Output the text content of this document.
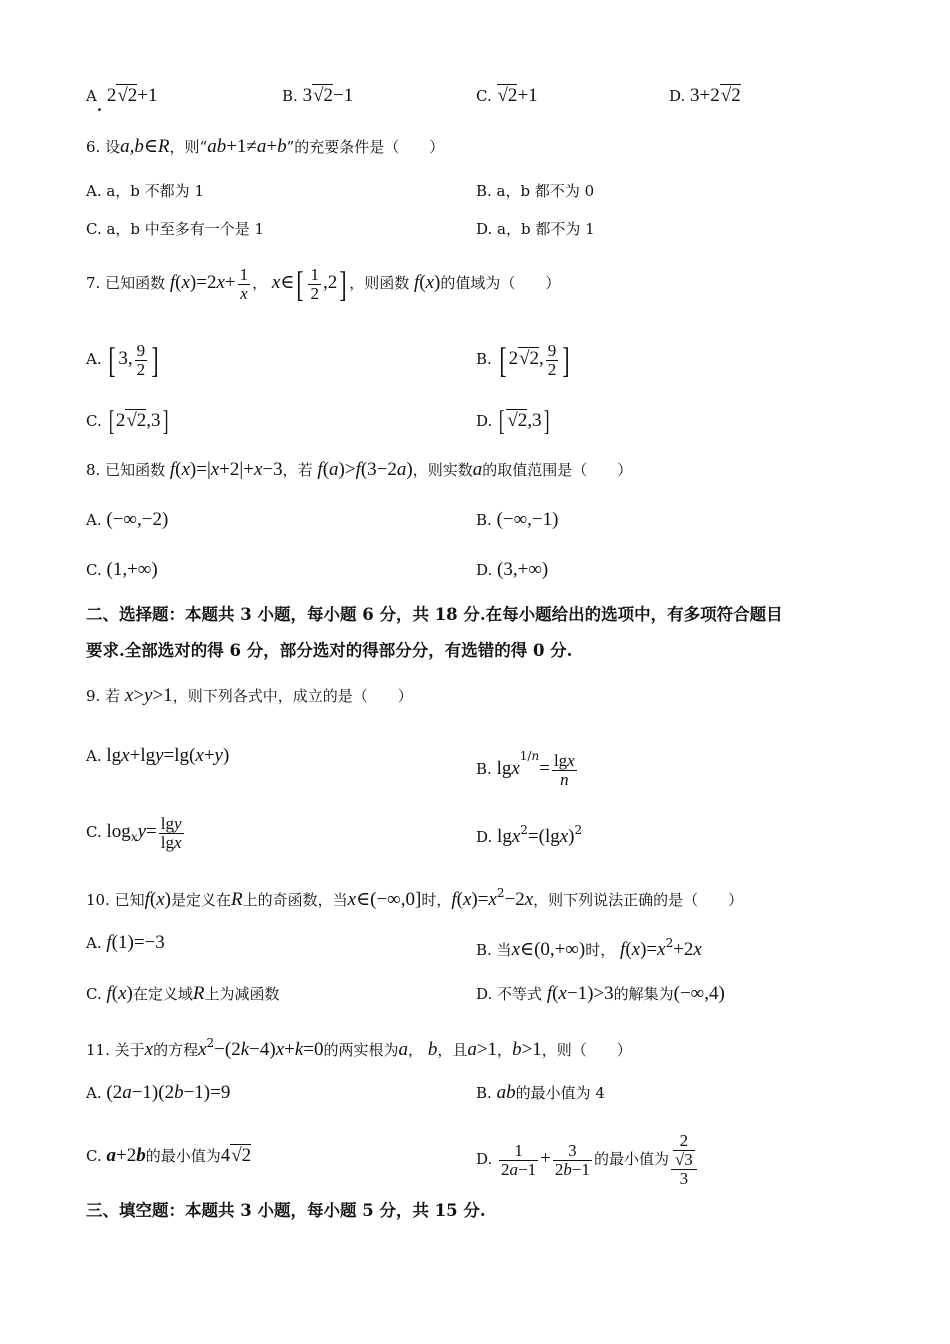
A. 2√2+1	B. 3√2−1	C. √2+1	D. 3+2√2
6. 设a,b∈R，则“ab+1≠a+b”的充要条件是（　　）
A. a，b 不都为 1	B. a，b 都不为 0
C. a，b 中至多有一个是 1	D. a，b 都不为 1
7. 已知函数 $f(x)=2x+ \frac{1}{x}$ ， x∈[ $\frac{1}{2} ,2$] ，则函数 f(x)的值域为（　　）
A. [ 3, $\frac{9}{2}$ ]	B. [ 2√2, $\frac{9}{2}$ ]
C. [2√2,3]	D. [ √2,3]
8. 已知函数 f(x)=|x+2|+x−3，若 f(a)>f(3−2a)，则实数a的取值范围是（　　）
A. (−∞,−2)	B. (−∞,−1)
C. (1,+∞)	D. (3,+∞)
二、选择题：本题共 3 小题，每小题 6 分，共 18 分.在每小题给出的选项中，有多项符合题目
要求.全部选对的得 6 分，部分选对的得部分分，有选错的得 0 分.
9. 若 x>y>1，则下列各式中，成立的是（　　）
A. lgx+lgy=lg(x+y)
B. $\lg x^{1/n}= \frac{\lg x}{n}$
C. $\log_xy= \frac{\lg y}{\lg x}$	D. $\lg x^2=(\lg x)^2$
10. 已知f(x)是定义在R上的奇函数，当x∈(−∞,0]时，$f(x)=x^2-2x$，则下列说法正确的是（　　）
A. f(1)=−3	B. 当x∈(0,+∞)时， $f(x)=x^2+2x$
C. f(x)在定义域R上为减函数	D. 不等式 f(x−1)>3的解集为(−∞,4)
11. 关于x的方程$x^2-(2k-4)x+k=0$的两实根为a， b，且a>1，b>1，则（　　）
A. (2a−1)(2b−1)=9	B. ab的最小值为 4
C. a+2b的最小值为4√2	D. $\frac{1}{2a-1} + \frac{3}{2b-1}$ 的最小值为 2
√3
3
三、填空题：本题共 3 小题，每小题 5 分，共 15 分.
